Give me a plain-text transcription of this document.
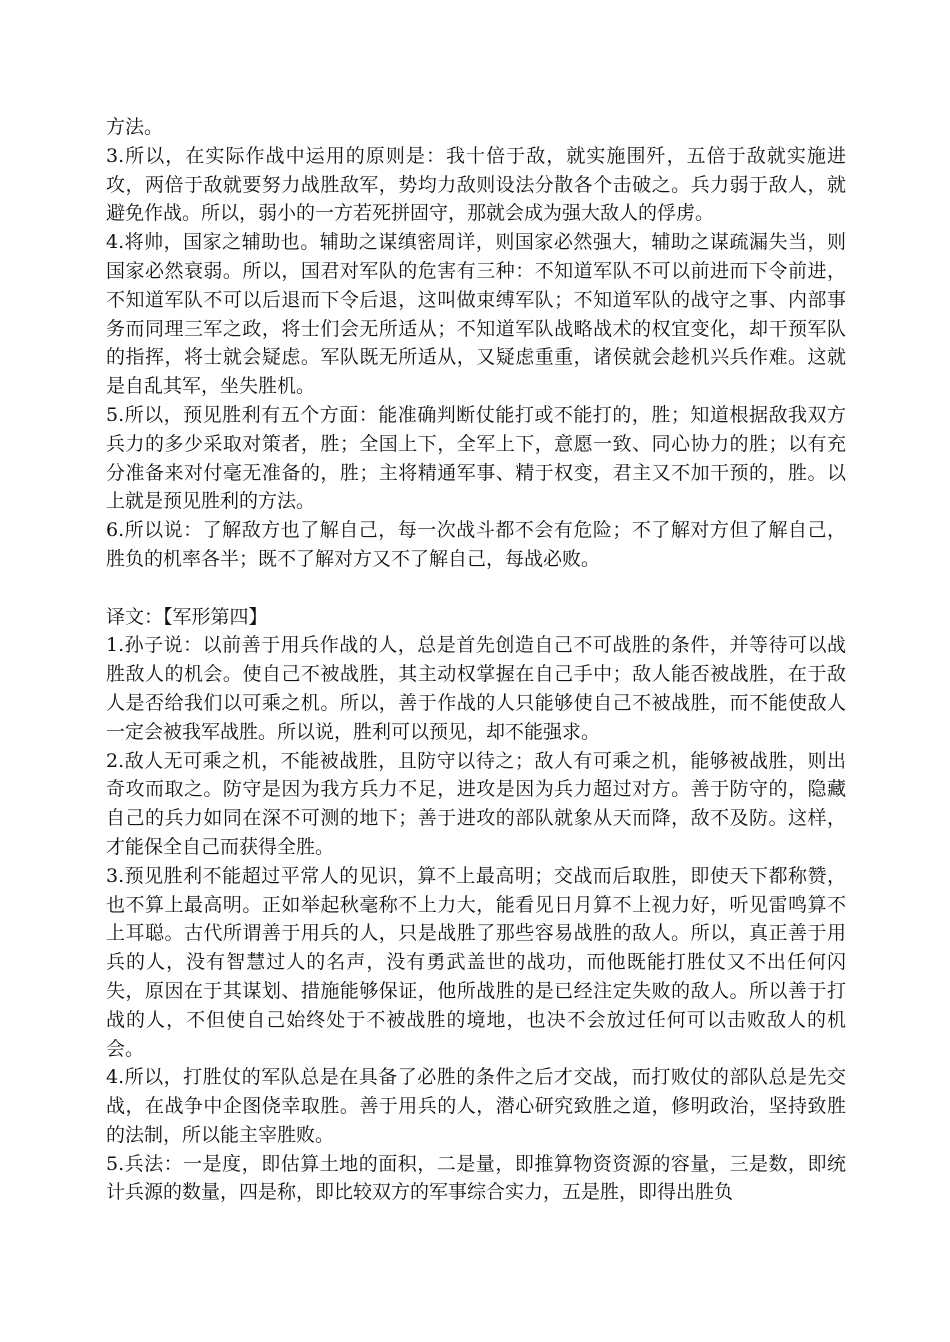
方法。

3.所以，在实际作战中运用的原则是：我十倍于敌，就实施围歼，五倍于敌就实施进攻，两倍于敌就要努力战胜敌军，势均力敌则设法分散各个击破之。兵力弱于敌人，就避免作战。所以，弱小的一方若死拼固守，那就会成为强大敌人的俘虏。

4.将帅，国家之辅助也。辅助之谋缜密周详，则国家必然强大，辅助之谋疏漏失当，则国家必然衰弱。所以，国君对军队的危害有三种：不知道军队不可以前进而下令前进，不知道军队不可以后退而下令后退，这叫做束缚军队；不知道军队的战守之事、内部事务而同理三军之政，将士们会无所适从；不知道军队战略战术的权宜变化，却干预军队的指挥，将士就会疑虑。军队既无所适从，又疑虑重重，诸侯就会趁机兴兵作难。这就是自乱其军，坐失胜机。

5.所以，预见胜利有五个方面：能准确判断仗能打或不能打的，胜；知道根据敌我双方兵力的多少采取对策者，胜；全国上下，全军上下，意愿一致、同心协力的胜；以有充分准备来对付毫无准备的，胜；主将精通军事、精于权变，君主又不加干预的，胜。以上就是预见胜利的方法。

6.所以说：了解敌方也了解自己，每一次战斗都不会有危险；不了解对方但了解自己，胜负的机率各半；既不了解对方又不了解自己，每战必败。

译文：【军形第四】

1.孙子说：以前善于用兵作战的人，总是首先创造自己不可战胜的条件，并等待可以战胜敌人的机会。使自己不被战胜，其主动权掌握在自己手中；敌人能否被战胜，在于敌人是否给我们以可乘之机。所以，善于作战的人只能够使自己不被战胜，而不能使敌人一定会被我军战胜。所以说，胜利可以预见，却不能强求。

2.敌人无可乘之机，不能被战胜，且防守以待之；敌人有可乘之机，能够被战胜，则出奇攻而取之。防守是因为我方兵力不足，进攻是因为兵力超过对方。善于防守的，隐藏自己的兵力如同在深不可测的地下；善于进攻的部队就象从天而降，敌不及防。这样，才能保全自己而获得全胜。

3.预见胜利不能超过平常人的见识，算不上最高明；交战而后取胜，即使天下都称赞，也不算上最高明。正如举起秋毫称不上力大，能看见日月算不上视力好，听见雷鸣算不上耳聪。古代所谓善于用兵的人，只是战胜了那些容易战胜的敌人。所以，真正善于用兵的人，没有智慧过人的名声，没有勇武盖世的战功，而他既能打胜仗又不出任何闪失，原因在于其谋划、措施能够保证，他所战胜的是已经注定失败的敌人。所以善于打战的人，不但使自己始终处于不被战胜的境地，也决不会放过任何可以击败敌人的机会。

4.所以，打胜仗的军队总是在具备了必胜的条件之后才交战，而打败仗的部队总是先交战，在战争中企图侥幸取胜。善于用兵的人，潜心研究致胜之道，修明政治，坚持致胜的法制，所以能主宰胜败。

5.兵法：一是度，即估算土地的面积，二是量，即推算物资资源的容量，三是数，即统计兵源的数量，四是称，即比较双方的军事综合实力，五是胜，即得出胜负
